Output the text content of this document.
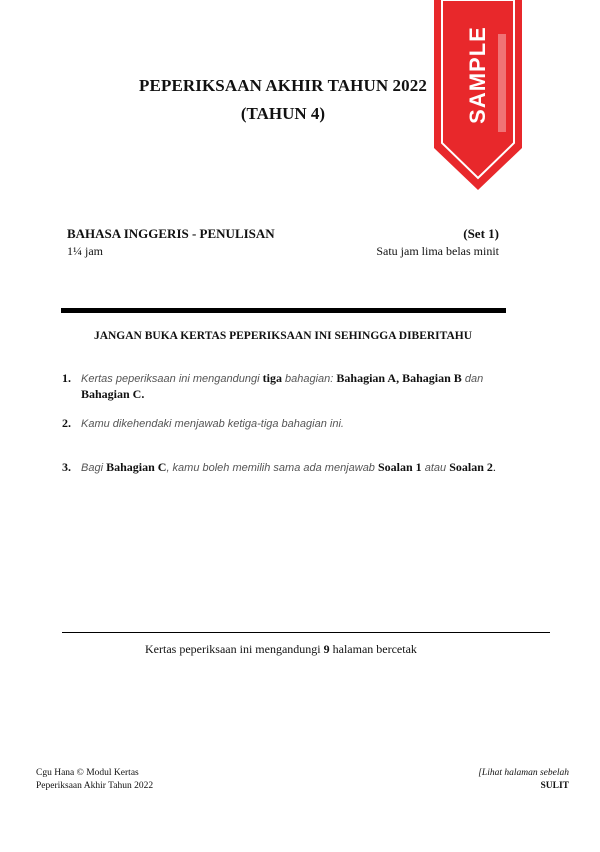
SAMPLE
PEPERIKSAAN AKHIR TAHUN 2022
(TAHUN 4)
BAHASA INGGERIS - PENULISAN	(Set 1)
1¼ jam	Satu jam lima belas minit
JANGAN BUKA KERTAS PEPERIKSAAN INI SEHINGGA DIBERITAHU
1. Kertas peperiksaan ini mengandungi tiga bahagian: Bahagian A, Bahagian B dan
Bahagian C.
2. Kamu dikehendaki menjawab ketiga-tiga bahagian ini.
3. Bagi Bahagian C, kamu boleh memilih sama ada menjawab Soalan 1 atau Soalan 2.
Kertas peperiksaan ini mengandungi 9 halaman bercetak
Cgu Hana © Modul Kertas
Peperiksaan Akhir Tahun 2022
[Lihat halaman sebelah
SULIT
